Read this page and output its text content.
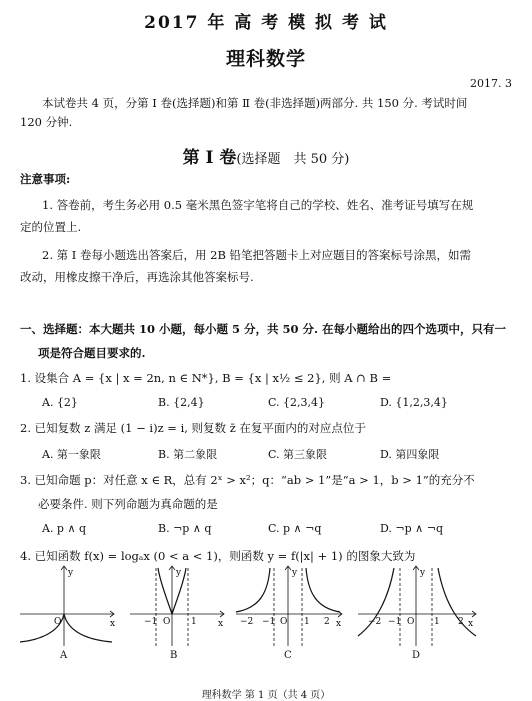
2017 年 高 考 模 拟 考 试
理科数学
2017. 3
本试卷共 4 页，分第 Ⅰ 卷(选择题)和第 Ⅱ 卷(非选择题)两部分. 共 150 分. 考试时间
120 分钟.
第 Ⅰ 卷(选择题　共 50 分)
注意事项:
1. 答卷前，考生务必用 0.5 毫米黑色签字笔将自己的学校、姓名、准考证号填写在规
定的位置上.
2. 第 Ⅰ 卷每小题选出答案后，用 2B 铅笔把答题卡上对应题目的答案标号涂黑，如需
改动，用橡皮擦干净后，再选涂其他答案标号.
一、选择题：本大题共 10 小题，每小题 5 分，共 50 分. 在每小题给出的四个选项中，只有一
项是符合题目要求的.
1. 设集合 A = {x | x = 2n, n ∈ N*}, B = {x | x½ ≤ 2}, 则 A ∩ B =
A. {2}	B. {2,4}	C. {2,3,4}	D. {1,2,3,4}
2. 已知复数 z 满足 (1 − i)z = i, 则复数 z̄ 在复平面内的对应点位于
A. 第一象限	B. 第二象限	C. 第三象限	D. 第四象限
3. 已知命题 p：对任意 x ∈ R，总有 2ˣ > x²；q：“ab > 1”是“a > 1，b > 1”的充分不
必要条件. 则下列命题为真命题的是
A. p ∧ q	B. ¬p ∧ q	C. p ∧ ¬q	D. ¬p ∧ ¬q
4. 已知函数 f(x) = logₐx (0 < a < 1)，则函数 y = f(|x| + 1) 的图象大致为
y
x
O
A
y
x
O
−1	1
B
y
x
O
−2	2
−1	1
C
y
x
O
−2	2
−1	1
D
理科数学 第 1 页（共 4 页）
